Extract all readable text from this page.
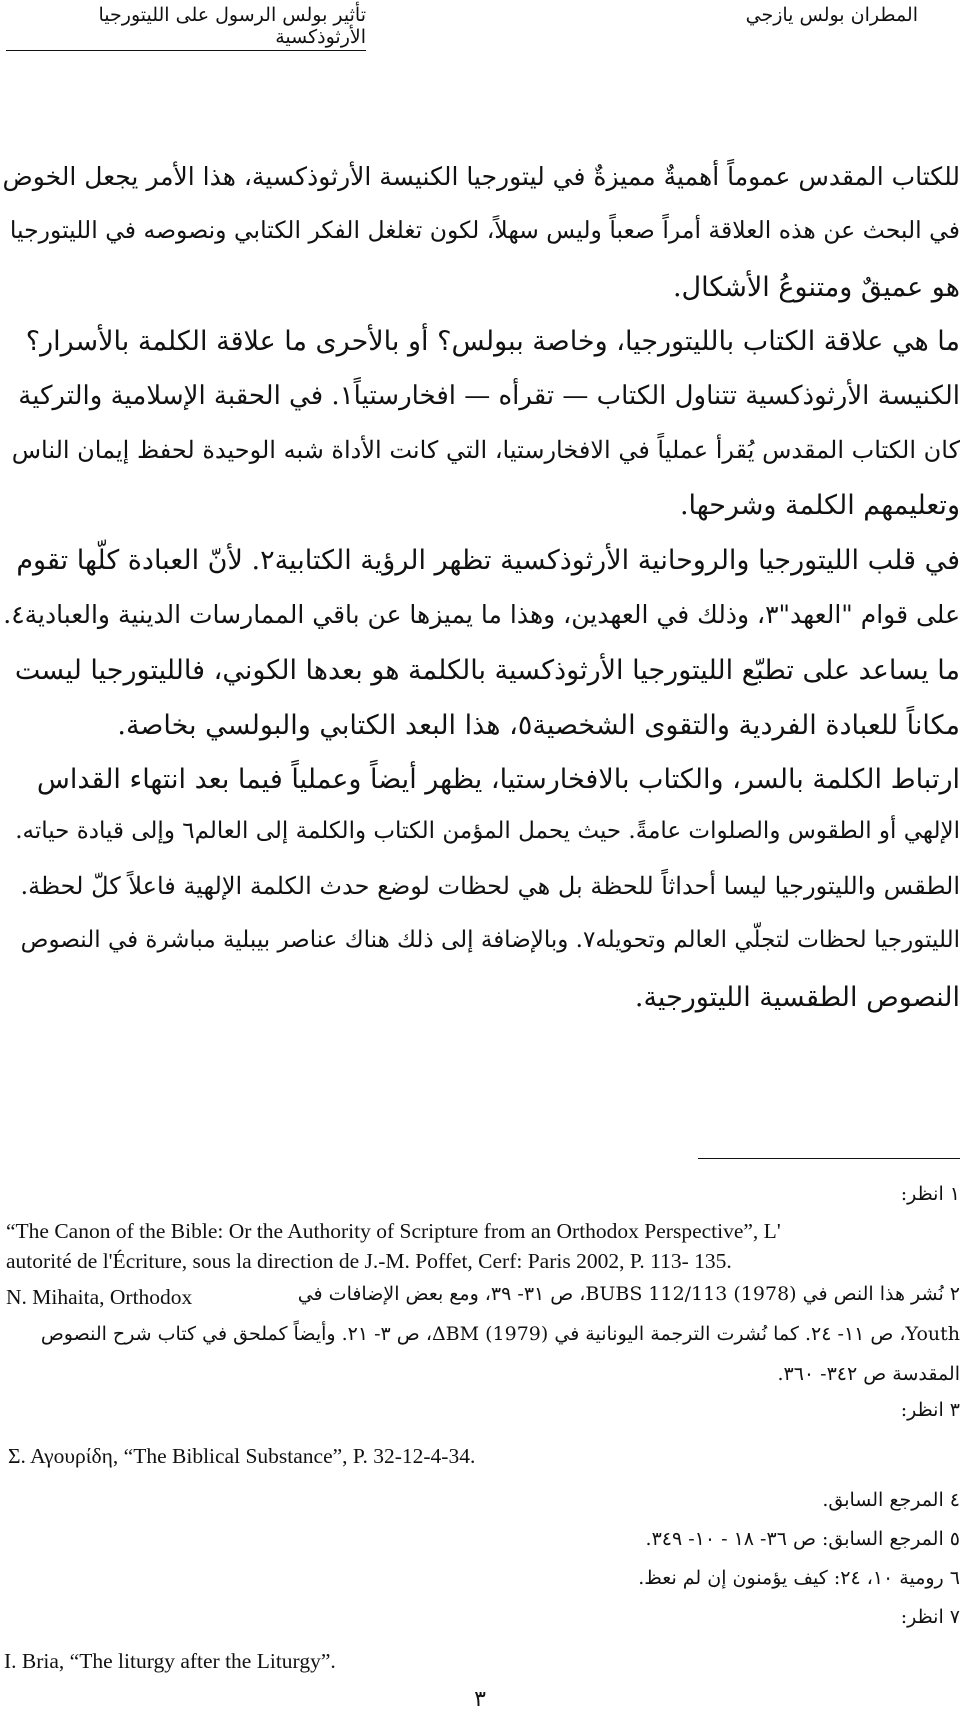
المطران بولس يازجي
تأثير بولس الرسول على الليتورجيا الأرثوذكسية
للكتاب المقدس عموماً أهميةٌ مميزةٌ في ليتورجيا الكنيسة الأرثوذكسية، هذا الأمر يجعل الخوض
في البحث عن هذه العلاقة أمراً صعباً وليس سهلاً، لكون تغلغل الفكر الكتابي ونصوصه في الليتورجيا
هو عميقٌ ومتنوعُ الأشكال.
ما هي علاقة الكتاب بالليتورجيا، وخاصة ببولس؟ أو بالأحرى ما علاقة الكلمة بالأسرار؟
الكنيسة الأرثوذكسية تتناول الكتاب — تقرأه — افخارستياً١. في الحقبة الإسلامية والتركية
كان الكتاب المقدس يُقرأ عملياً في الافخارستيا، التي كانت الأداة شبه الوحيدة لحفظ إيمان الناس
وتعليمهم الكلمة وشرحها.
في قلب الليتورجيا والروحانية الأرثوذكسية تظهر الرؤية الكتابية٢. لأنّ العبادة كلّها تقوم
على قوام "العهد"٣، وذلك في العهدين، وهذا ما يميزها عن باقي الممارسات الدينية والعبادية٤.
ما يساعد على تطبّع الليتورجيا الأرثوذكسية بالكلمة هو بعدها الكوني، فالليتورجيا ليست
مكاناً للعبادة الفردية والتقوى الشخصية٥، هذا البعد الكتابي والبولسي بخاصة.
ارتباط الكلمة بالسر، والكتاب بالافخارستيا، يظهر أيضاً وعملياً فيما بعد انتهاء القداس
الإلهي أو الطقوس والصلوات عامةً. حيث يحمل المؤمن الكتاب والكلمة إلى العالم٦ وإلى قيادة حياته.
الطقس والليتورجيا ليسا أحداثاً للحظة بل هي لحظات لوضع حدث الكلمة الإلهية فاعلاً كلّ لحظة.
الليتورجيا لحظات لتجلّي العالم وتحويله٧. وبالإضافة إلى ذلك هناك عناصر بيبلية مباشرة في النصوص
النصوص الطقسية الليتورجية.
١ انظر:
“The Canon of the Bible: Or the Authority of Scripture from an Orthodox Perspective”, L'
autorité de l'Écriture, sous la direction de J.-M. Poffet, Cerf: Paris 2002, P. 113- 135.
٢ نُشر هذا النص في (1978) BUBS 112/113، ص ٣١- ٣٩، ومع بعض الإضافات في
N. Mihaita, Orthodox
Youth، ص ١١- ٢٤. كما نُشرت الترجمة اليونانية في ΔBM (1979)، ص ٣- ٢١. وأيضاً كملحق في كتاب شرح النصوص
المقدسة ص ٣٤٢- ٣٦٠.
٣ انظر:
Σ. Αγουρίδη, “The Biblical Substance”, P. 32-12-4-34.
٤ المرجع السابق.
٥ المرجع السابق: ص ٣٦- ١٨ - ١٠- ٣٤٩.
٦ رومية ١٠، ٢٤: كيف يؤمنون إن لم نعظ.
٧ انظر:
I. Bria, “The liturgy after the Liturgy”.
٣
